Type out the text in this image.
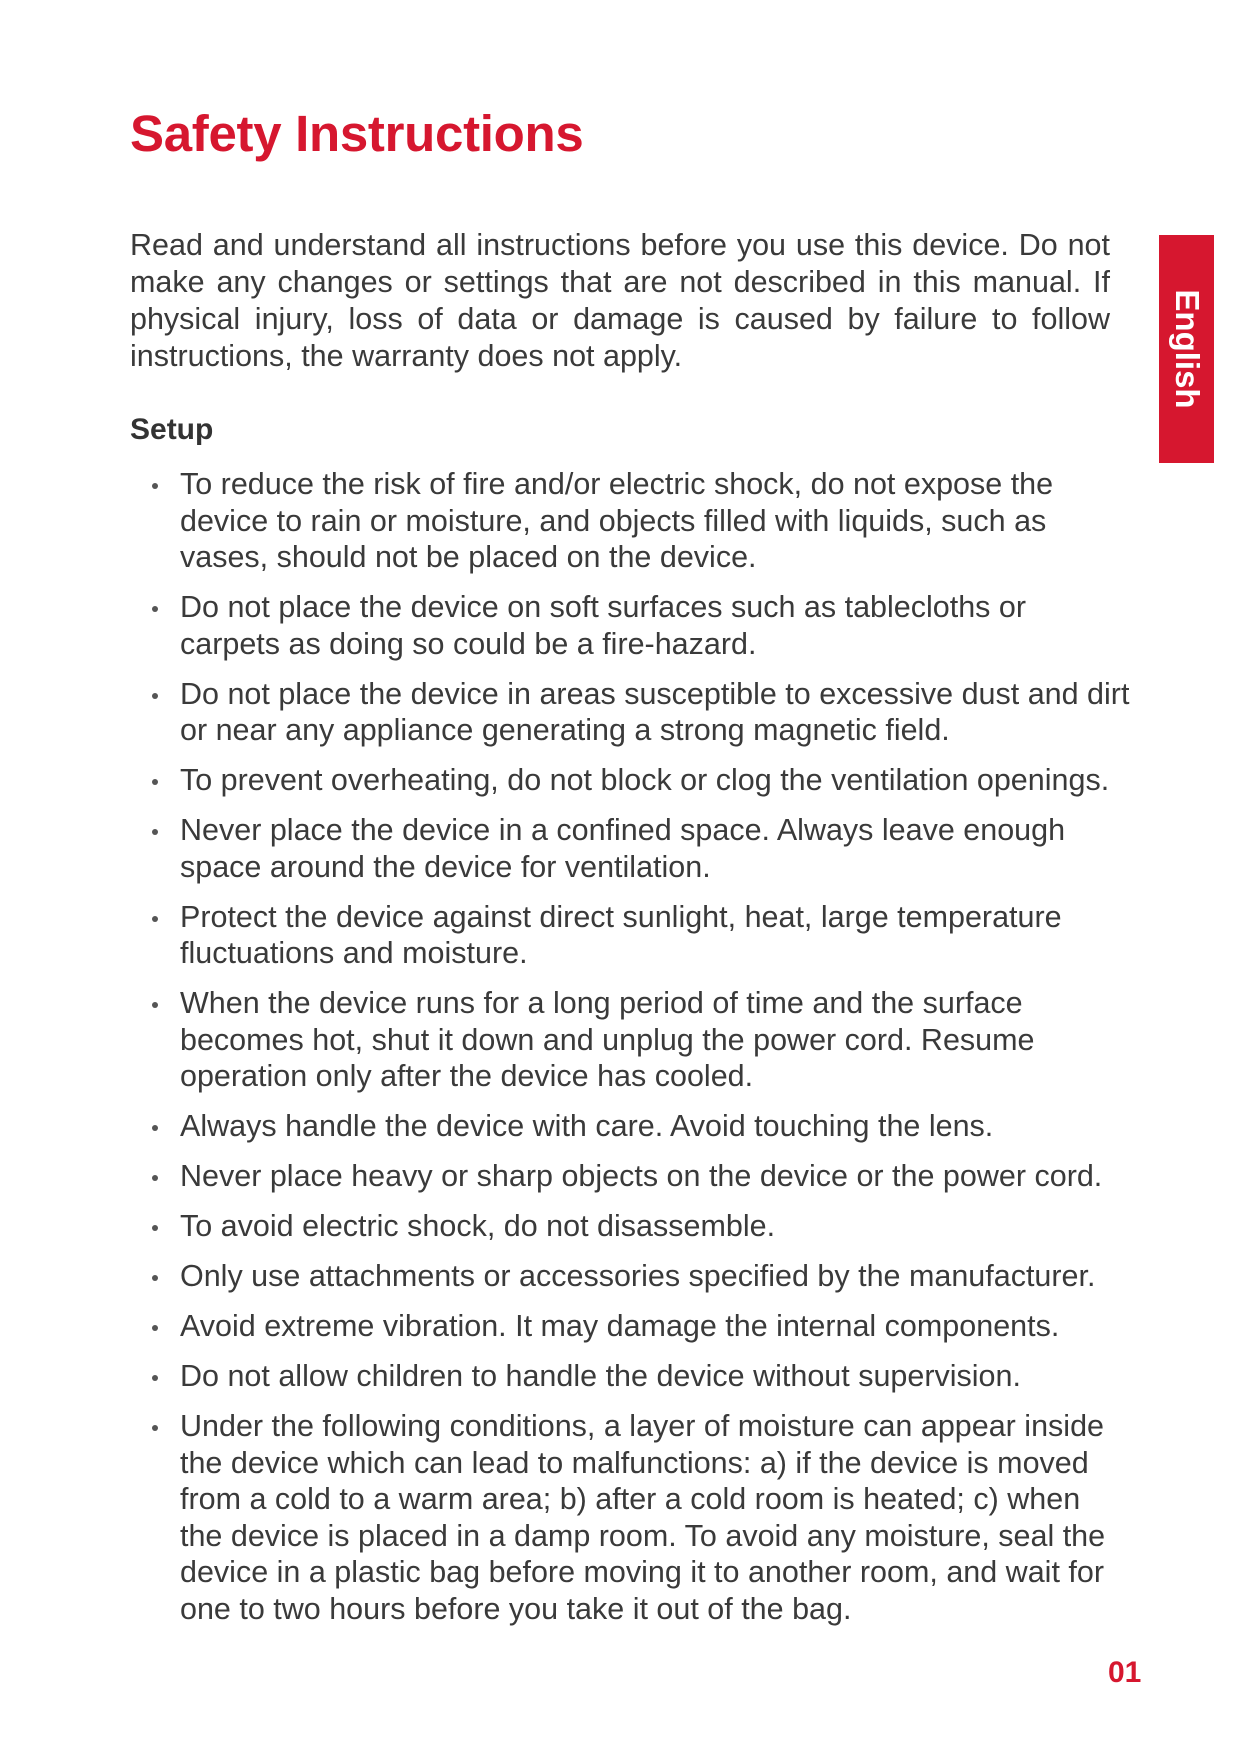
Safety Instructions

Read and understand all instructions before you use this device. Do not make any changes or settings that are not described in this manual. If physical injury, loss of data or damage is caused by failure to follow instructions, the warranty does not apply.

Setup
To reduce the risk of fire and/or electric shock, do not expose the device to rain or moisture, and objects filled with liquids, such as vases, should not be placed on the device.
Do not place the device on soft surfaces such as tablecloths or carpets as doing so could be a fire-hazard.
Do not place the device in areas susceptible to excessive dust and dirt or near any appliance generating a strong magnetic field.
To prevent overheating, do not block or clog the ventilation openings.
Never place the device in a confined space. Always leave enough space around the device for ventilation.
Protect the device against direct sunlight, heat, large temperature fluctuations and moisture.
When the device runs for a long period of time and the surface becomes hot, shut it down and unplug the power cord. Resume operation only after the device has cooled.
Always handle the device with care. Avoid touching the lens.
Never place heavy or sharp objects on the device or the power cord.
To avoid electric shock, do not disassemble.
Only use attachments or accessories specified by the manufacturer.
Avoid extreme vibration. It may damage the internal components.
Do not allow children to handle the device without supervision.
Under the following conditions, a layer of moisture can appear inside the device which can lead to malfunctions: a) if the device is moved from a cold to a warm area; b) after a cold room is heated; c) when the device is placed in a damp room. To avoid any moisture, seal the device in a plastic bag before moving it to another room, and wait for one to two hours before you take it out of the bag.
English
01
